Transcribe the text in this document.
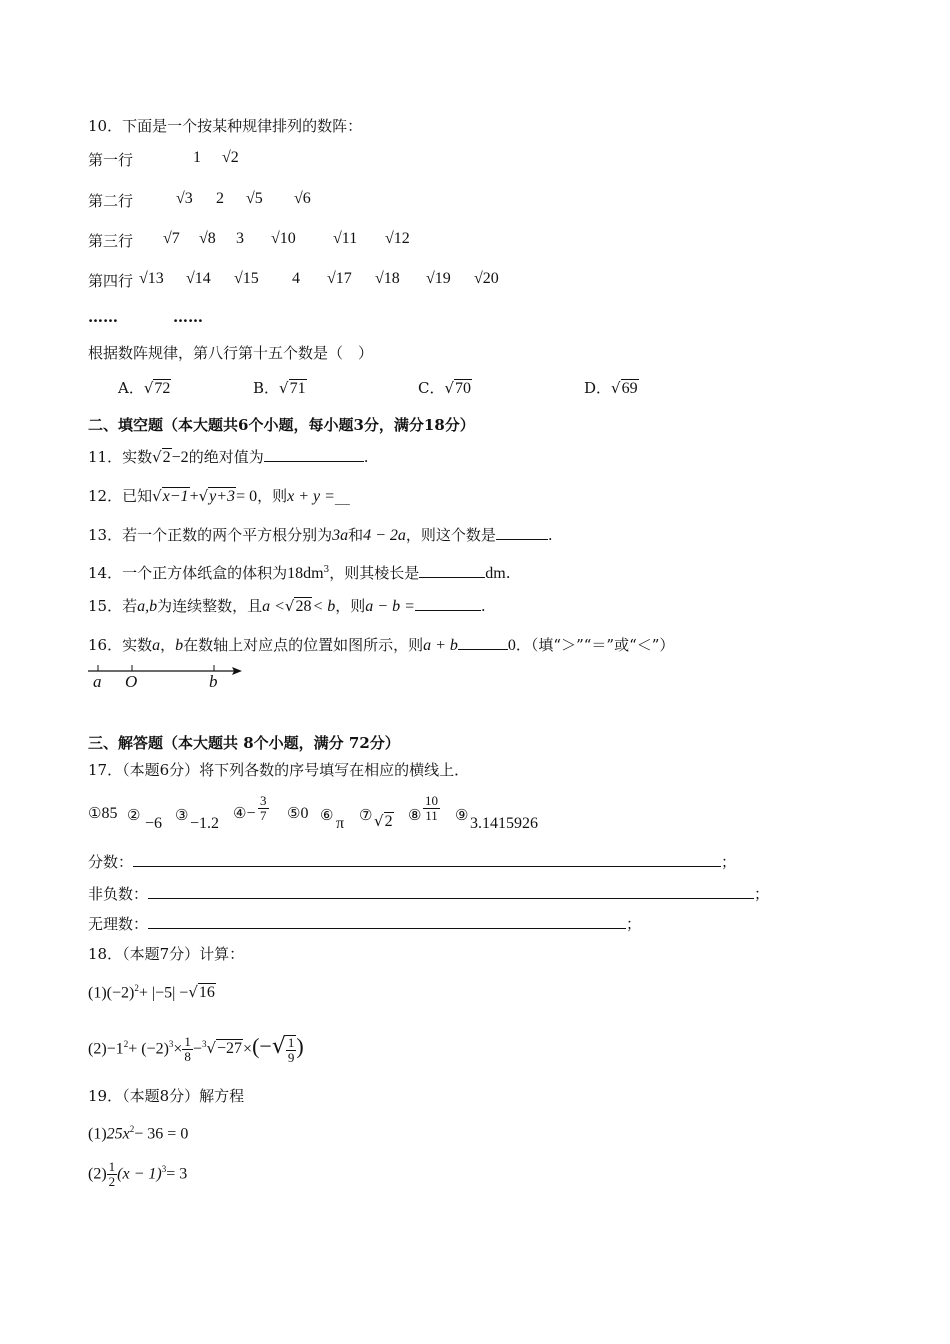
10．下面是一个按某种规律排列的数阵：
第一行	1 √2
第二行	√3 2 √5 √6
第三行 √7 √8 3 √10 √11 √12
第四行 √13 √14 √15 4 √17 √18 √19 √20
……	……
根据数阵规律，第八行第十五个数是（　）
A．√72	B．√71	C．√70	D．√69
二、填空题（本大题共6个小题，每小题3分，满分18分）
11．实数√2−2的绝对值为	.
12．已知√x−1+√y+3= 0，则x + y =__
13．若一个正数的两个平方根分别为3a和4 − 2a，则这个数是	.
14．一个正方体纸盒的体积为$18dm^3$，则其棱长是	dm.
15．若a,b为连续整数，且a <√28< b，则a − b =	.
16．实数a，b在数轴上对应点的位置如图所示，则a + b	0．（填“＞”“＝”或“＜”）
a O	b
三、解答题（本大题共 8个小题，满分 72分）
17．（本题6分）将下列各数的序号填写在相应的横线上．
①85 ② −6 ③ −1.2
④− $\frac{3}{7}$ ⑤0 ⑥ π ⑦ √2 ⑧ $\frac{10}{11}$ ⑨ 3.1415926
分数：	；
非负数：	；
无理数：	；
18．（本题7分）计算：
$(1)(-2)^2+ |-5| -√16$
$(2)-1^2+ (-2)^3\times \frac{1}{8} -^3√-27\times(-√ \frac{1}{9}$ )
19．（本题8分）解方程
$(1)25x^2- 36 = 0$
$(2) \frac{1}{2} (x - 1)^3= 3$
